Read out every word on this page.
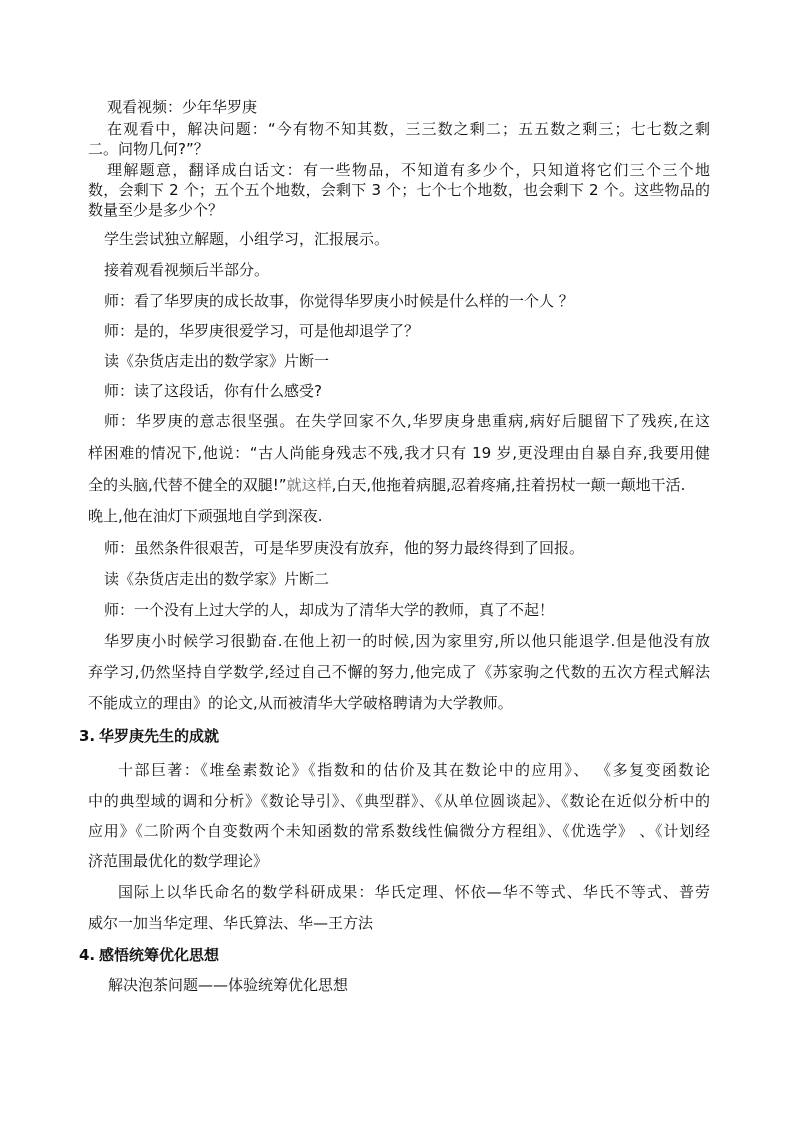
观看视频：少年华罗庚
在观看中，解决问题：“今有物不知其数，三三数之剩二；五五数之剩三；七七数之剩
二。问物几何?”？
理解题意，翻译成白话文：有一些物品，不知道有多少个，只知道将它们三个三个地
数，会剩下 2 个；五个五个地数，会剩下 3 个；七个七个地数，也会剩下 2 个。这些物品的
数量至少是多少个？
学生尝试独立解题，小组学习，汇报展示。
接着观看视频后半部分。
师：看了华罗庚的成长故事，你觉得华罗庚小时候是什么样的一个人 ？
师：是的，华罗庚很爱学习，可是他却退学了？
读《杂货店走出的数学家》片断一
师：读了这段话，你有什么感受?
师：华罗庚的意志很坚强。在失学回家不久,华罗庚身患重病,病好后腿留下了残疾,在这
样困难的情况下,他说：“古人尚能身残志不残,我才只有 19 岁,更没理由自暴自弃,我要用健
全的头脑,代替不健全的双腿!”就这样,白天,他拖着病腿,忍着疼痛,拄着拐杖一颠一颠地干活.
晚上,他在油灯下顽强地自学到深夜.
师：虽然条件很艰苦，可是华罗庚没有放弃，他的努力最终得到了回报。
读《杂货店走出的数学家》片断二
师：一个没有上过大学的人，却成为了清华大学的教师，真了不起！
华罗庚小时候学习很勤奋.在他上初一的时候,因为家里穷,所以他只能退学.但是他没有放
弃学习,仍然坚持自学数学,经过自己不懈的努力,他完成了《苏家驹之代数的五次方程式解法
不能成立的理由》的论文,从而被清华大学破格聘请为大学教师。
3. 华罗庚先生的成就
十部巨著：《堆垒素数论》《指数和的估价及其在数论中的应用》、 《多复变函数论
中的典型域的调和分析》《数论导引》、《典型群》、《从单位圆谈起》、《数论在近似分析中的
应用》《二阶两个自变数两个未知函数的常系数线性偏微分方程组》、《优选学》 、《计划经
济范围最优化的数学理论》
国际上以华氏命名的数学科研成果：华氏定理、怀依—华不等式、华氏不等式、普劳
威尔一加当华定理、华氏算法、华—王方法
4. 感悟统筹优化思想
解决泡茶问题——体验统筹优化思想
